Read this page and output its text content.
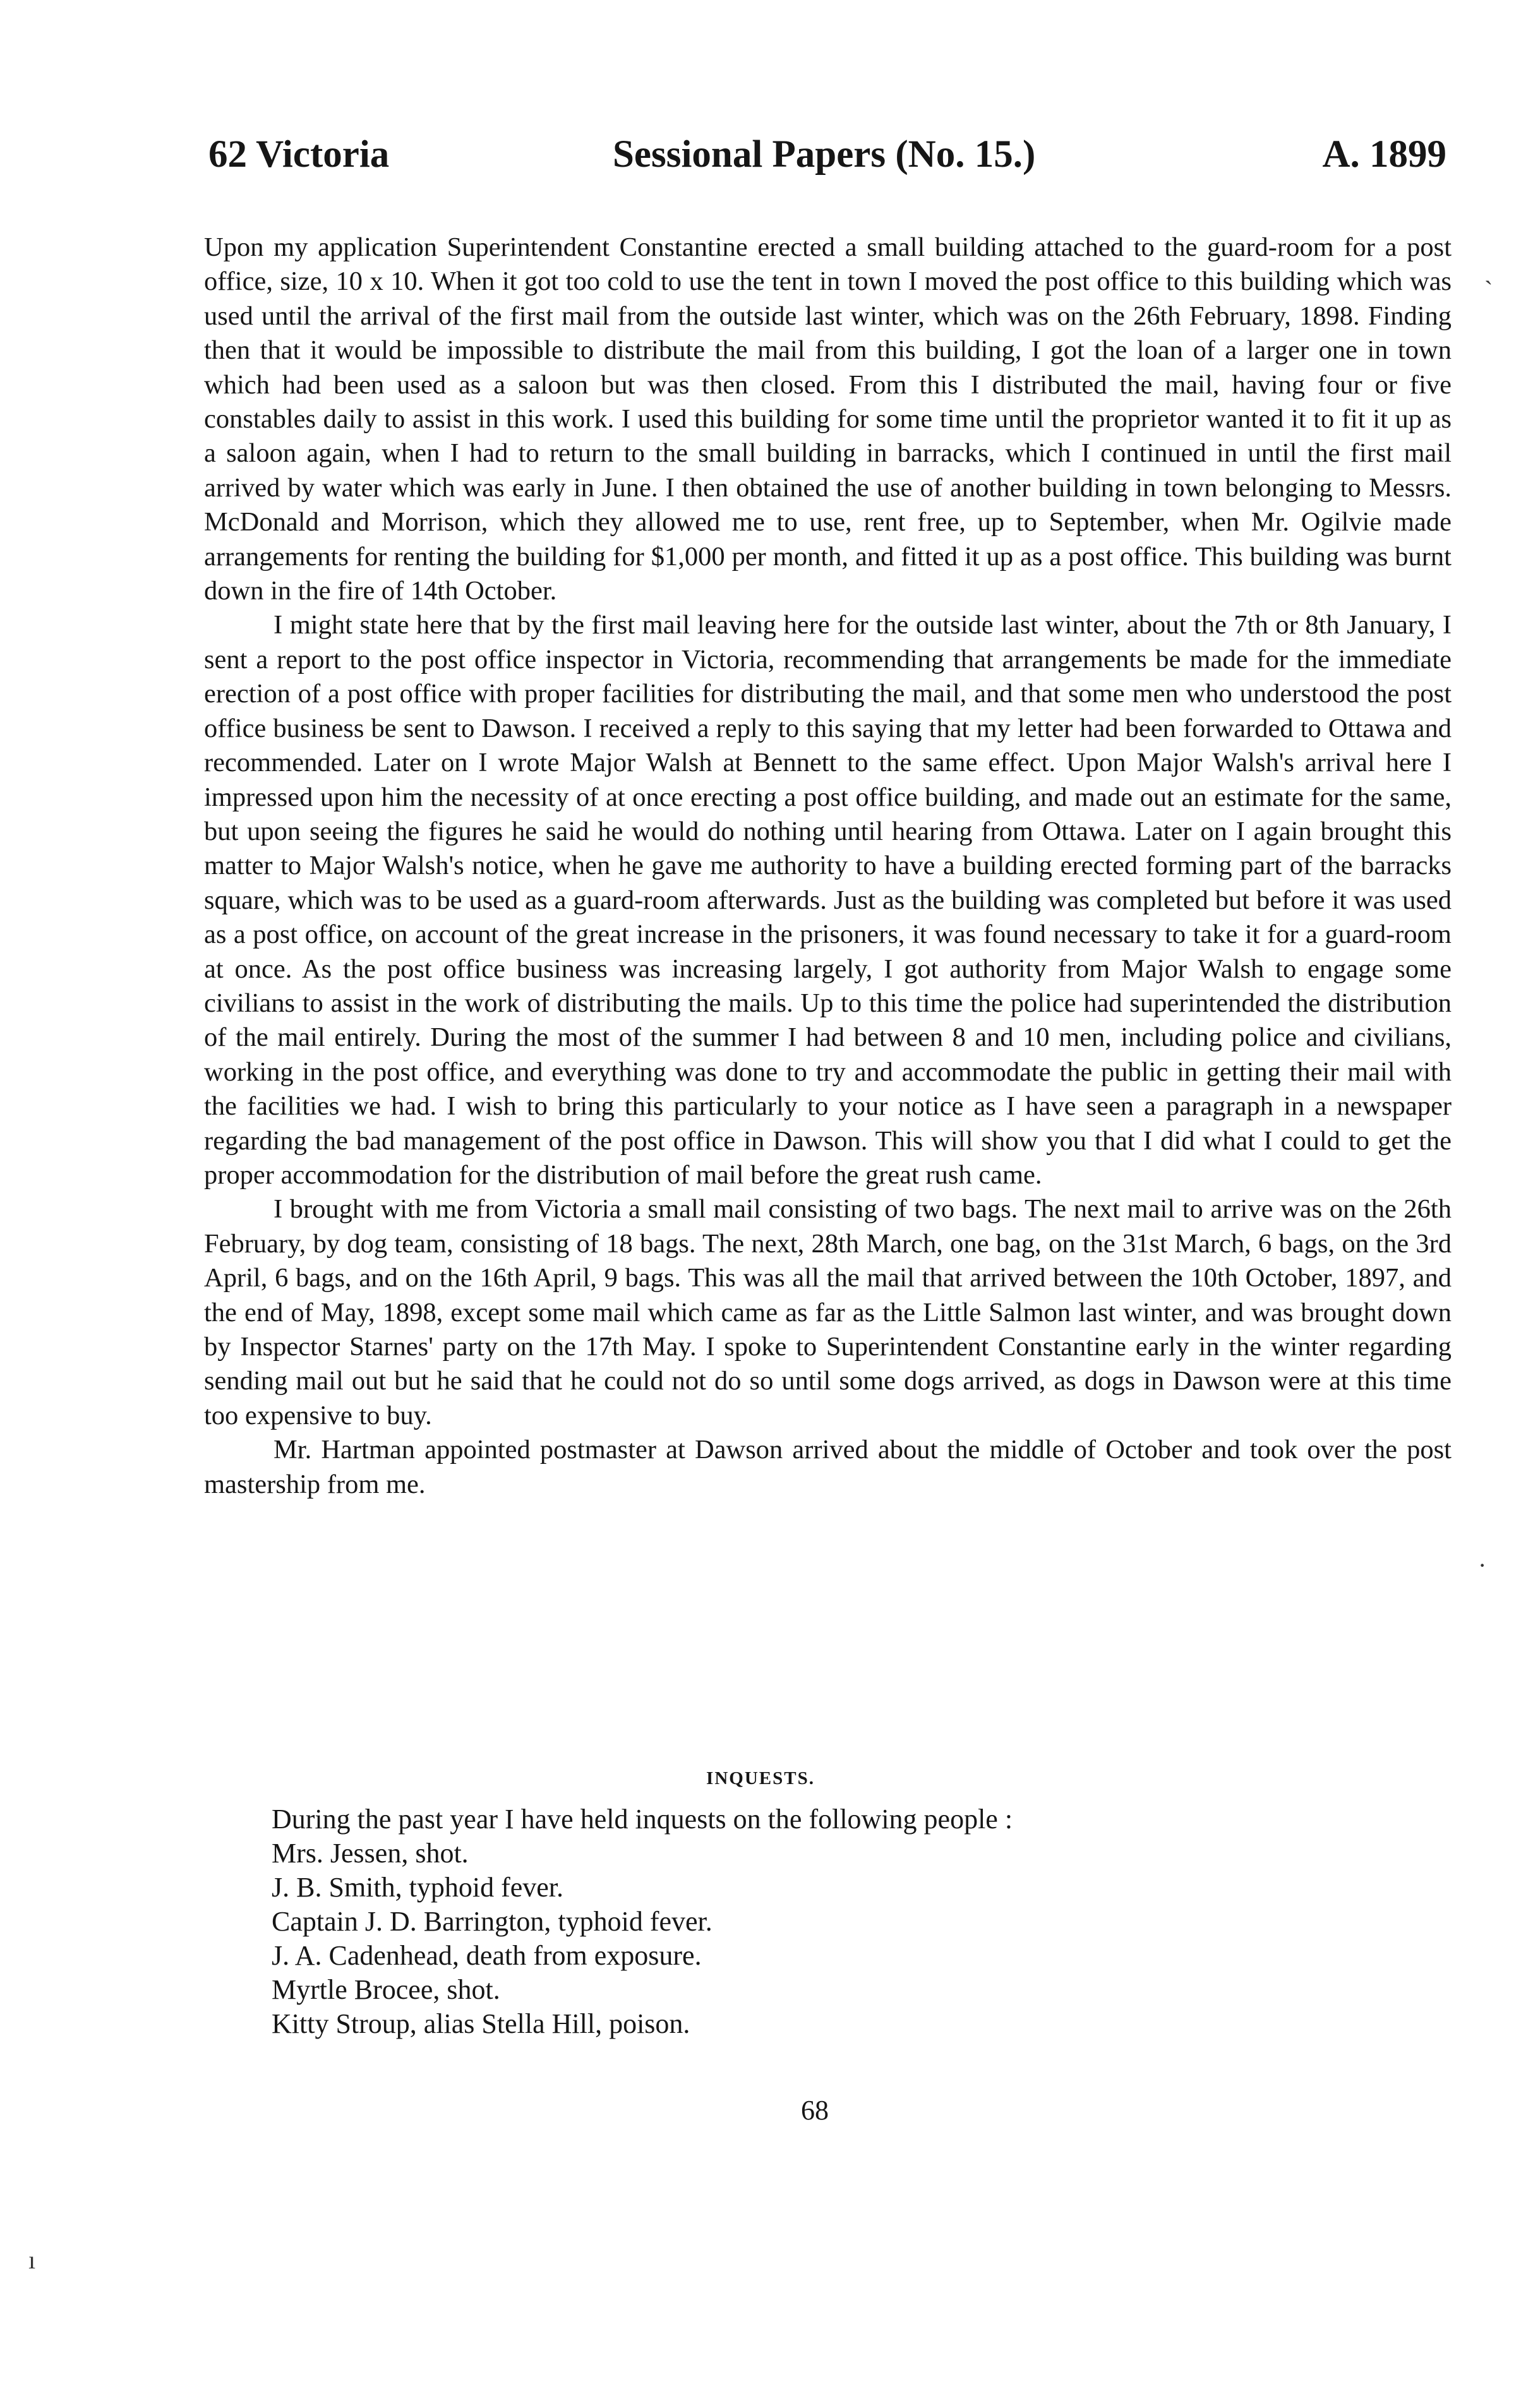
62 Victoria	Sessional Papers (No. 15.)	A. 1899

Upon my application Superintendent Constantine erected a small building attached to the guard-room for a post office, size, 10 x 10. When it got too cold to use the tent in town I moved the post office to this building which was used until the arrival of the first mail from the outside last winter, which was on the 26th February, 1898. Finding then that it would be impossible to distribute the mail from this building, I got the loan of a larger one in town which had been used as a saloon but was then closed. From this I distributed the mail, having four or five constables daily to assist in this work. I used this building for some time until the proprietor wanted it to fit it up as a saloon again, when I had to return to the small building in barracks, which I continued in until the first mail arrived by water which was early in June. I then obtained the use of another building in town belonging to Messrs. McDonald and Morrison, which they allowed me to use, rent free, up to September, when Mr. Ogilvie made arrangements for renting the building for $1,000 per month, and fitted it up as a post office. This building was burnt down in the fire of 14th October.

I might state here that by the first mail leaving here for the outside last winter, about the 7th or 8th January, I sent a report to the post office inspector in Victoria, recommending that arrangements be made for the immediate erection of a post office with proper facilities for distributing the mail, and that some men who understood the post office business be sent to Dawson. I received a reply to this saying that my letter had been forwarded to Ottawa and recommended. Later on I wrote Major Walsh at Bennett to the same effect. Upon Major Walsh's arrival here I impressed upon him the necessity of at once erecting a post office building, and made out an estimate for the same, but upon seeing the figures he said he would do nothing until hearing from Ottawa. Later on I again brought this matter to Major Walsh's notice, when he gave me authority to have a building erected forming part of the barracks square, which was to be used as a guard-room afterwards. Just as the building was completed but before it was used as a post office, on account of the great increase in the prisoners, it was found necessary to take it for a guard-room at once. As the post office business was increasing largely, I got authority from Major Walsh to engage some civilians to assist in the work of distributing the mails. Up to this time the police had superintended the distribution of the mail entirely. During the most of the summer I had between 8 and 10 men, including police and civilians, working in the post office, and everything was done to try and accommodate the public in getting their mail with the facilities we had. I wish to bring this particularly to your notice as I have seen a paragraph in a newspaper regarding the bad management of the post office in Dawson. This will show you that I did what I could to get the proper accommodation for the distribution of mail before the great rush came.

I brought with me from Victoria a small mail consisting of two bags. The next mail to arrive was on the 26th February, by dog team, consisting of 18 bags. The next, 28th March, one bag, on the 31st March, 6 bags, on the 3rd April, 6 bags, and on the 16th April, 9 bags. This was all the mail that arrived between the 10th October, 1897, and the end of May, 1898, except some mail which came as far as the Little Salmon last winter, and was brought down by Inspector Starnes' party on the 17th May. I spoke to Superintendent Constantine early in the winter regarding sending mail out but he said that he could not do so until some dogs arrived, as dogs in Dawson were at this time too expensive to buy.

Mr. Hartman appointed postmaster at Dawson arrived about the middle of October and took over the post mastership from me.

INQUESTS.

During the past year I have held inquests on the following people :

Mrs. Jessen, shot.
J. B. Smith, typhoid fever.
Captain J. D. Barrington, typhoid fever.
J. A. Cadenhead, death from exposure.
Myrtle Brocee, shot.
Kitty Stroup, alias Stella Hill, poison.
68
ˏ
·
ı
